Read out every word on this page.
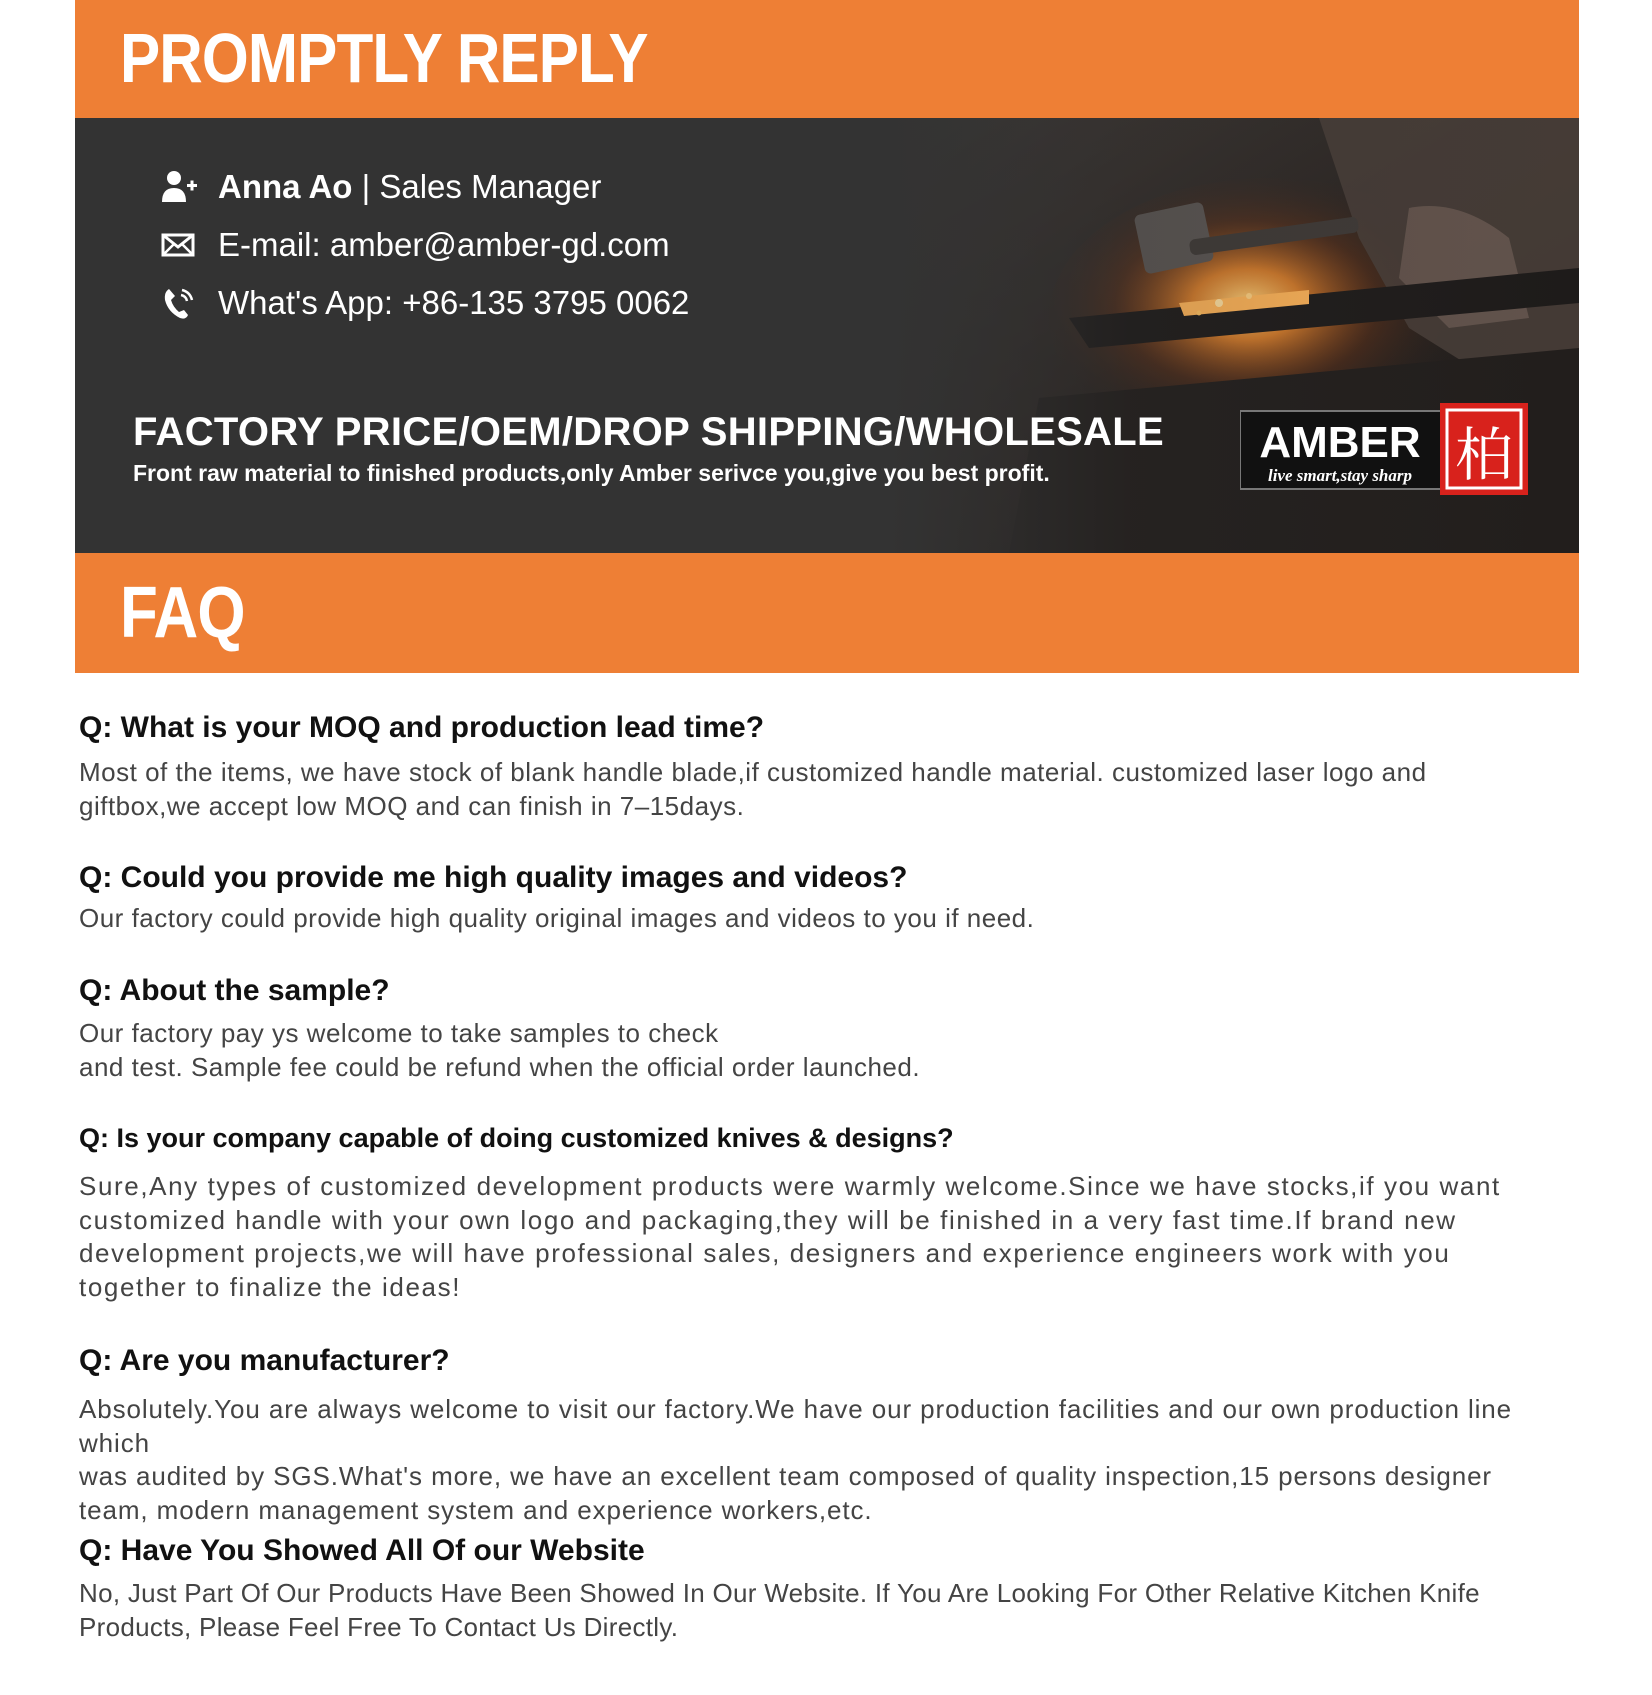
PROMPTLY REPLY
Anna Ao | Sales Manager
E-mail: amber@amber-gd.com
What's App: +86-135 3795 0062

FACTORY PRICE/OEM/DROP SHIPPING/WHOLESALE

Front raw material to finished products,only Amber serivce you,give you best profit.

AMBER
live smart,stay sharp 柏
FAQ

Q: What is your MOQ and production lead time?

Most of the items, we have stock of blank handle blade,if customized handle material. customized laser logo and
giftbox,we accept low MOQ and can finish in 7–15days.

Q: Could you provide me high quality images and videos?

Our factory could provide high quality original images and videos to you if need.

Q: About the sample?

Our factory pay ys welcome to take samples to check
and test. Sample fee could be refund when the official order launched.

Q: Is your company capable of doing customized knives & designs?

Sure,Any types of customized development products were warmly welcome.Since we have stocks,if you want
customized handle with your own logo and packaging,they will be finished in a very fast time.If brand new
development projects,we will have professional sales, designers and experience engineers work with you
together to finalize the ideas!

Q: Are you manufacturer?

Absolutely.You are always welcome to visit our factory.We have our production facilities and our own production line which
was audited by SGS.What's more, we have an excellent team composed of quality inspection,15 persons designer
team, modern management system and experience workers,etc.

Q: Have You Showed All Of our Website

No, Just Part Of Our Products Have Been Showed In Our Website. If You Are Looking For Other Relative Kitchen Knife
Products, Please Feel Free To Contact Us Directly.
